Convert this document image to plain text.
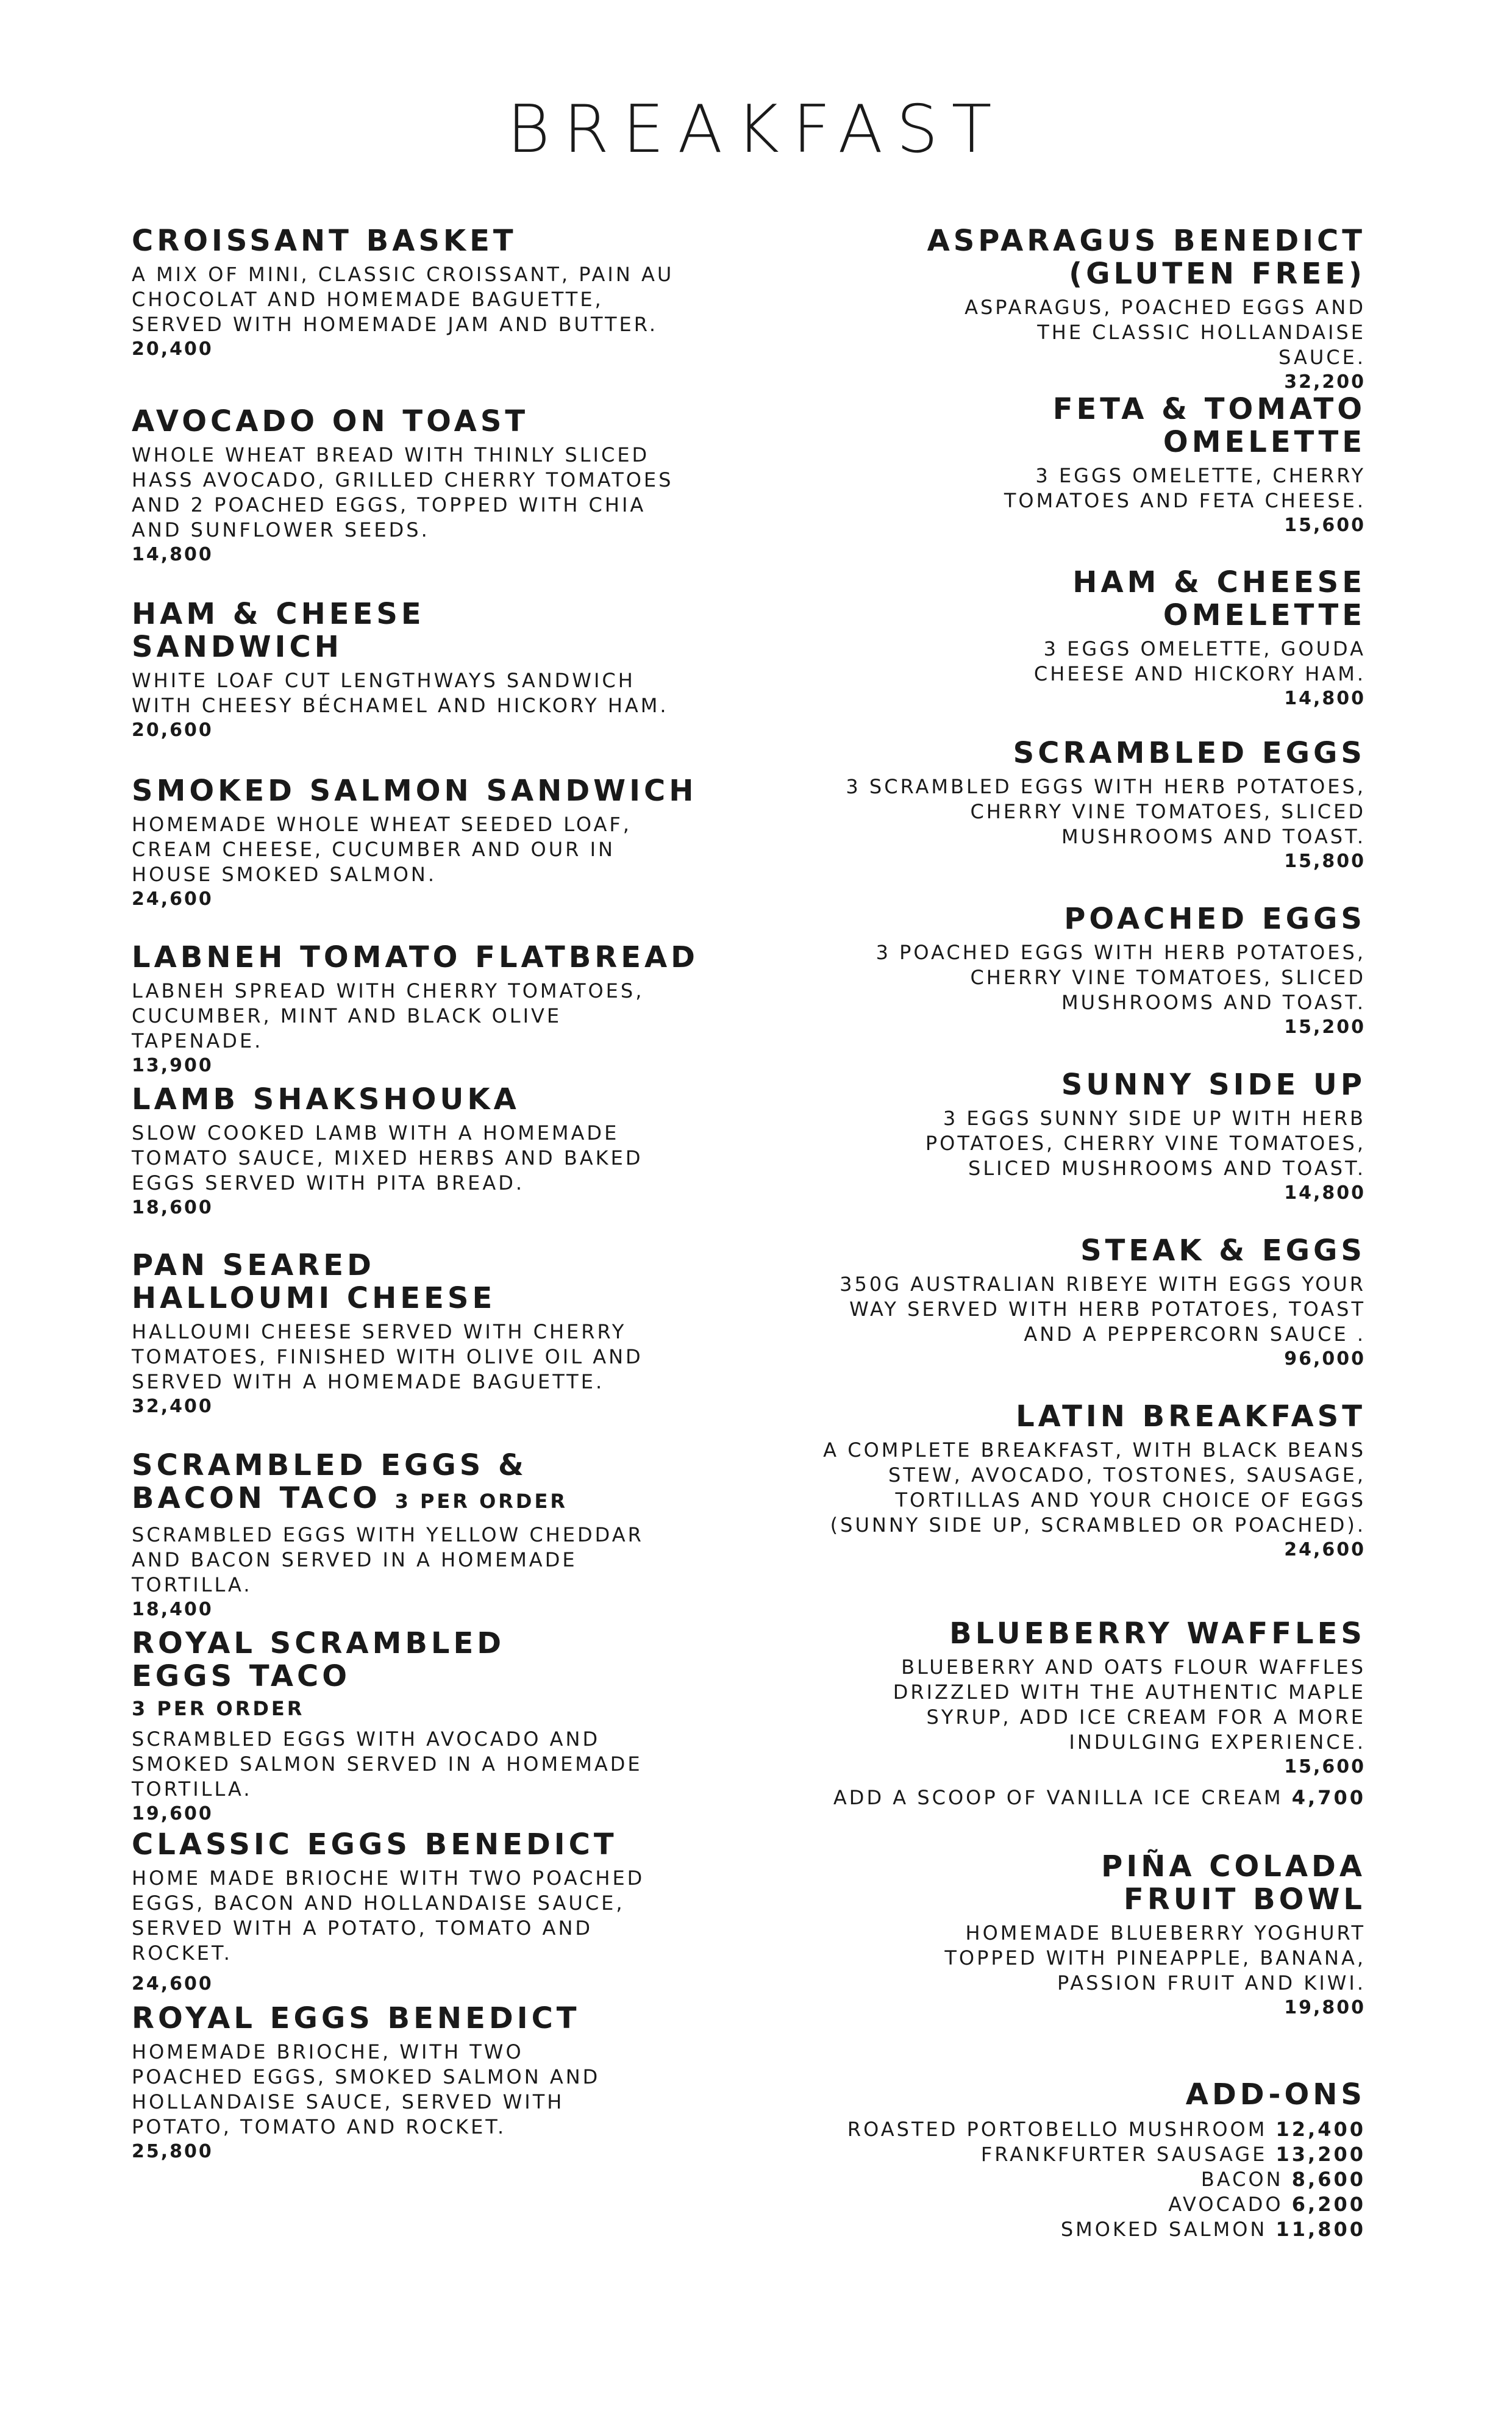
BREAKFAST

CROISSANT BASKET

A MIX OF MINI, CLASSIC CROISSANT, PAIN AU CHOCOLAT AND HOMEMADE BAGUETTE, SERVED WITH HOMEMADE JAM AND BUTTER.

20,400

AVOCADO ON TOAST

WHOLE WHEAT BREAD WITH THINLY SLICED HASS AVOCADO, GRILLED CHERRY TOMATOES AND 2 POACHED EGGS, TOPPED WITH CHIA AND SUNFLOWER SEEDS.

14,800

HAM & CHEESE SANDWICH

WHITE LOAF CUT LENGTHWAYS SANDWICH WITH CHEESY BÉCHAMEL AND HICKORY HAM.

20,600

SMOKED SALMON SANDWICH

HOMEMADE WHOLE WHEAT SEEDED LOAF, CREAM CHEESE, CUCUMBER AND OUR IN HOUSE SMOKED SALMON.

24,600

LABNEH TOMATO FLATBREAD

LABNEH SPREAD WITH CHERRY TOMATOES, CUCUMBER, MINT AND BLACK OLIVE TAPENADE.

13,900

LAMB SHAKSHOUKA

SLOW COOKED LAMB WITH A HOMEMADE TOMATO SAUCE, MIXED HERBS AND BAKED EGGS SERVED WITH PITA BREAD.

18,600

PAN SEARED HALLOUMI CHEESE

HALLOUMI CHEESE SERVED WITH CHERRY TOMATOES, FINISHED WITH OLIVE OIL AND SERVED WITH A HOMEMADE BAGUETTE.

32,400

SCRAMBLED EGGS & BACON TACO 3 PER ORDER

SCRAMBLED EGGS WITH YELLOW CHEDDAR AND BACON SERVED IN A HOMEMADE TORTILLA.

18,400

ROYAL SCRAMBLED EGGS TACO

3 PER ORDER

SCRAMBLED EGGS WITH AVOCADO AND SMOKED SALMON SERVED IN A HOMEMADE TORTILLA.

19,600

CLASSIC EGGS BENEDICT

HOME MADE BRIOCHE WITH TWO POACHED EGGS, BACON AND HOLLANDAISE SAUCE, SERVED WITH A POTATO, TOMATO AND ROCKET.

24,600

ROYAL EGGS BENEDICT

HOMEMADE BRIOCHE, WITH TWO POACHED EGGS, SMOKED SALMON AND HOLLANDAISE SAUCE, SERVED WITH POTATO, TOMATO AND ROCKET.

25,800

ASPARAGUS BENEDICT (GLUTEN FREE)

ASPARAGUS, POACHED EGGS AND THE CLASSIC HOLLANDAISE SAUCE.

32,200

FETA & TOMATO OMELETTE

3 EGGS OMELETTE, CHERRY TOMATOES AND FETA CHEESE.

15,600

HAM & CHEESE OMELETTE

3 EGGS OMELETTE, GOUDA CHEESE AND HICKORY HAM.

14,800

SCRAMBLED EGGS

3 SCRAMBLED EGGS WITH HERB POTATOES, CHERRY VINE TOMATOES, SLICED MUSHROOMS AND TOAST.

15,800

POACHED EGGS

3 POACHED EGGS WITH HERB POTATOES, CHERRY VINE TOMATOES, SLICED MUSHROOMS AND TOAST.

15,200

SUNNY SIDE UP

3 EGGS SUNNY SIDE UP WITH HERB POTATOES, CHERRY VINE TOMATOES, SLICED MUSHROOMS AND TOAST.

14,800

STEAK & EGGS

350G AUSTRALIAN RIBEYE WITH EGGS YOUR WAY SERVED WITH HERB POTATOES, TOAST AND A PEPPERCORN SAUCE .

96,000

LATIN BREAKFAST

A COMPLETE BREAKFAST, WITH BLACK BEANS STEW, AVOCADO, TOSTONES, SAUSAGE, TORTILLAS AND YOUR CHOICE OF EGGS (SUNNY SIDE UP, SCRAMBLED OR POACHED).

24,600

BLUEBERRY WAFFLES

BLUEBERRY AND OATS FLOUR WAFFLES DRIZZLED WITH THE AUTHENTIC MAPLE SYRUP, ADD ICE CREAM FOR A MORE INDULGING EXPERIENCE.

15,600

ADD A SCOOP OF VANILLA ICE CREAM 4,700

PIÑA COLADA FRUIT BOWL

HOMEMADE BLUEBERRY YOGHURT TOPPED WITH PINEAPPLE, BANANA, PASSION FRUIT AND KIWI.

19,800

ADD-ONS

ROASTED PORTOBELLO MUSHROOM 12,400

FRANKFURTER SAUSAGE 13,200

BACON 8,600

AVOCADO 6,200

SMOKED SALMON 11,800
